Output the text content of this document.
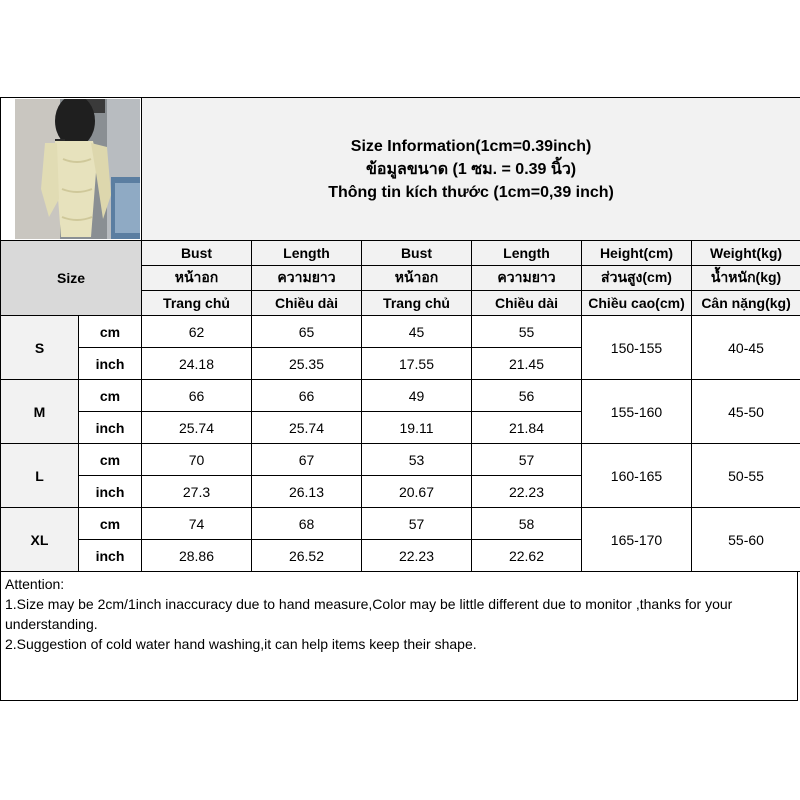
Size Information(1cm=0.39inch)
ข้อมูลขนาด (1 ซม. = 0.39 นิ้ว)
Thông tin kích thước (1cm=0,39 inch)					

Size		Bust	Length	Bust	Length	Height(cm)	Weight(kg)
		หน้าอก	ความยาว	หน้าอก	ความยาว	ส่วนสูง(cm)	น้ำหนัก(kg)
		Trang chủ	Chiều dài	Trang chủ	Chiều dài	Chiều cao(cm)	Cân nặng(kg)
S	cm	62	65	45	55	150-155	40-45
	inch	24.18	25.35	17.55	21.45		
M	cm	66	66	49	56	155-160	45-50
	inch	25.74	25.74	19.11	21.84		
L	cm	70	67	53	57	160-165	50-55
	inch	27.3	26.13	20.67	22.23		
XL	cm	74	68	57	58	165-170	55-60
	inch	28.86	26.52	22.23	22.62		
Attention:
1.Size may be 2cm/1inch inaccuracy due to hand measure,Color may be little different due to monitor ,thanks for your understanding.
2.Suggestion of cold water hand washing,it can help items keep their shape.
